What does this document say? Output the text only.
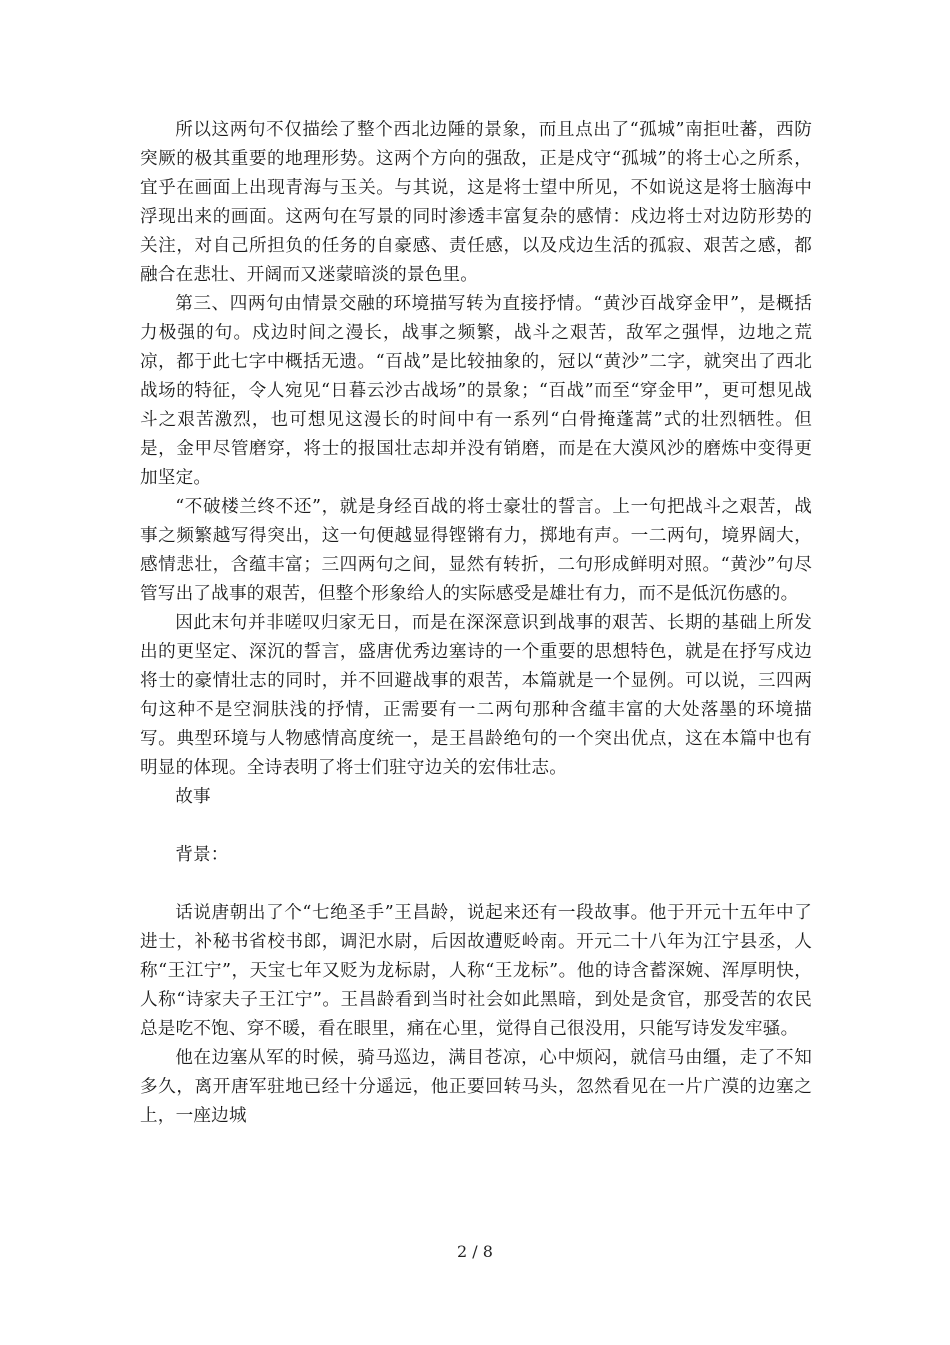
所以这两句不仅描绘了整个西北边陲的景象，而且点出了“孤城”南拒吐蕃，西防突厥的极其重要的地理形势。这两个方向的强敌，正是戍守“孤城”的将士心之所系，宜乎在画面上出现青海与玉关。与其说，这是将士望中所见，不如说这是将士脑海中浮现出来的画面。这两句在写景的同时渗透丰富复杂的感情：戍边将士对边防形势的关注，对自己所担负的任务的自豪感、责任感，以及戍边生活的孤寂、艰苦之感，都融合在悲壮、开阔而又迷蒙暗淡的景色里。

第三、四两句由情景交融的环境描写转为直接抒情。“黄沙百战穿金甲”，是概括力极强的句。戍边时间之漫长，战事之频繁，战斗之艰苦，敌军之强悍，边地之荒凉，都于此七字中概括无遗。“百战”是比较抽象的，冠以“黄沙”二字，就突出了西北战场的特征，令人宛见“日暮云沙古战场”的景象；“百战”而至“穿金甲”，更可想见战斗之艰苦激烈，也可想见这漫长的时间中有一系列“白骨掩蓬蒿”式的壮烈牺牲。但是，金甲尽管磨穿，将士的报国壮志却并没有销磨，而是在大漠风沙的磨炼中变得更加坚定。

“不破楼兰终不还”，就是身经百战的将士豪壮的誓言。上一句把战斗之艰苦，战事之频繁越写得突出，这一句便越显得铿锵有力，掷地有声。一二两句，境界阔大，感情悲壮，含蕴丰富；三四两句之间，显然有转折，二句形成鲜明对照。“黄沙”句尽管写出了战事的艰苦，但整个形象给人的实际感受是雄壮有力，而不是低沉伤感的。

因此末句并非嗟叹归家无日，而是在深深意识到战事的艰苦、长期的基础上所发出的更坚定、深沉的誓言，盛唐优秀边塞诗的一个重要的思想特色，就是在抒写戍边将士的豪情壮志的同时，并不回避战事的艰苦，本篇就是一个显例。可以说，三四两句这种不是空洞肤浅的抒情，正需要有一二两句那种含蕴丰富的大处落墨的环境描写。典型环境与人物感情高度统一，是王昌龄绝句的一个突出优点，这在本篇中也有明显的体现。全诗表明了将士们驻守边关的宏伟壮志。

故事

背景：

话说唐朝出了个“七绝圣手”王昌龄，说起来还有一段故事。他于开元十五年中了进士，补秘书省校书郎，调汜水尉，后因故遭贬岭南。开元二十八年为江宁县丞，人称“王江宁”，天宝七年又贬为龙标尉，人称“王龙标”。他的诗含蓄深婉、浑厚明快，人称“诗家夫子王江宁”。王昌龄看到当时社会如此黑暗，到处是贪官，那受苦的农民总是吃不饱、穿不暖，看在眼里，痛在心里，觉得自己很没用，只能写诗发发牢骚。

他在边塞从军的时候，骑马巡边，满目苍凉，心中烦闷，就信马由缰，走了不知多久，离开唐军驻地已经十分遥远，他正要回转马头，忽然看见在一片广漠的边塞之上，一座边城

2 / 8
